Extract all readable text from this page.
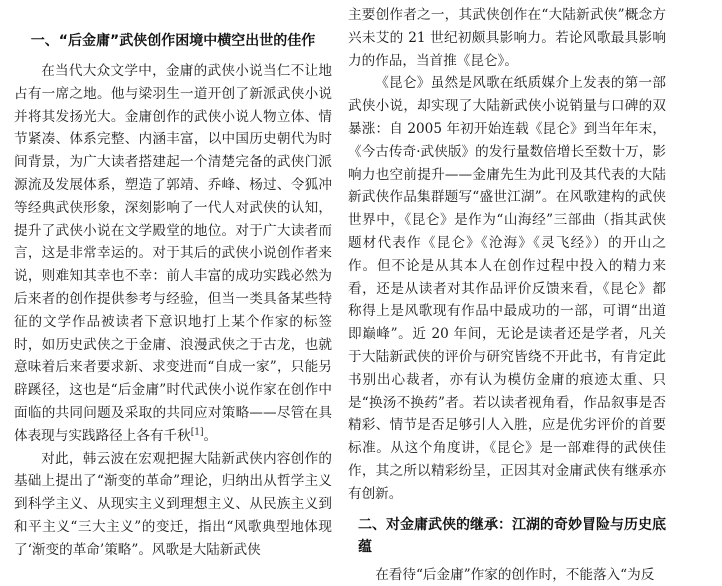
一、“后金庸”武侠创作困境中横空出世的佳作

在当代大众文学中，金庸的武侠小说当仁不让地占有一席之地。他与梁羽生一道开创了新派武侠小说并将其发扬光大。金庸创作的武侠小说人物立体、情节紧凑、体系完整、内涵丰富，以中国历史朝代为时间背景，为广大读者搭建起一个清楚完备的武侠门派源流及发展体系，塑造了郭靖、乔峰、杨过、令狐冲等经典武侠形象，深刻影响了一代人对武侠的认知，提升了武侠小说在文学殿堂的地位。对于广大读者而言，这是非常幸运的。对于其后的武侠小说创作者来说，则难知其幸也不幸：前人丰富的成功实践必然为后来者的创作提供参考与经验，但当一类具备某些特征的文学作品被读者下意识地打上某个作家的标签时，如历史武侠之于金庸、浪漫武侠之于古龙，也就意味着后来者要求新、求变进而“自成一家”，只能另辟蹊径，这也是“后金庸”时代武侠小说作家在创作中面临的共同问题及采取的共同应对策略——尽管在具体表现与实践路径上各有千秋[1]。

对此，韩云波在宏观把握大陆新武侠内容创作的基础上提出了“渐变的革命”理论，归纳出从哲学主义到科学主义、从现实主义到理想主义、从民族主义到和平主义“三大主义”的变迁，指出“风歌典型地体现了‘渐变的革命’策略”。风歌是大陆新武侠

主要创作者之一，其武侠创作在“大陆新武侠”概念方兴未艾的 21 世纪初颇具影响力。若论风歌最具影响力的作品，当首推《昆仑》。

《昆仑》虽然是风歌在纸质媒介上发表的第一部武侠小说，却实现了大陆新武侠小说销量与口碑的双暴涨：自 2005 年初开始连载《昆仑》到当年年末，《今古传奇·武侠版》的发行量数倍增长至数十万，影响力也空前提升——金庸先生为此刊及其代表的大陆新武侠作品集群题写“盛世江湖”。在风歌建构的武侠世界中，《昆仑》是作为“山海经”三部曲（指其武侠题材代表作《昆仑》《沧海》《灵飞经》）的开山之作。但不论是从其本人在创作过程中投入的精力来看，还是从读者对其作品评价反馈来看，《昆仑》都称得上是风歌现有作品中最成功的一部，可谓“出道即巅峰”。近 20 年间，无论是读者还是学者，凡关于大陆新武侠的评价与研究皆绕不开此书，有肯定此书别出心裁者，亦有认为模仿金庸的痕迹太重、只是“换汤不换药”者。若以读者视角看，作品叙事是否精彩、情节是否足够引人入胜，应是优劣评价的首要标准。从这个角度讲，《昆仑》是一部难得的武侠佳作，其之所以精彩纷呈，正因其对金庸武侠有继承亦有创新。

二、对金庸武侠的继承：江湖的奇妙冒险与历史底蕴

在看待“后金庸”作家的创作时，不能落入“为反
